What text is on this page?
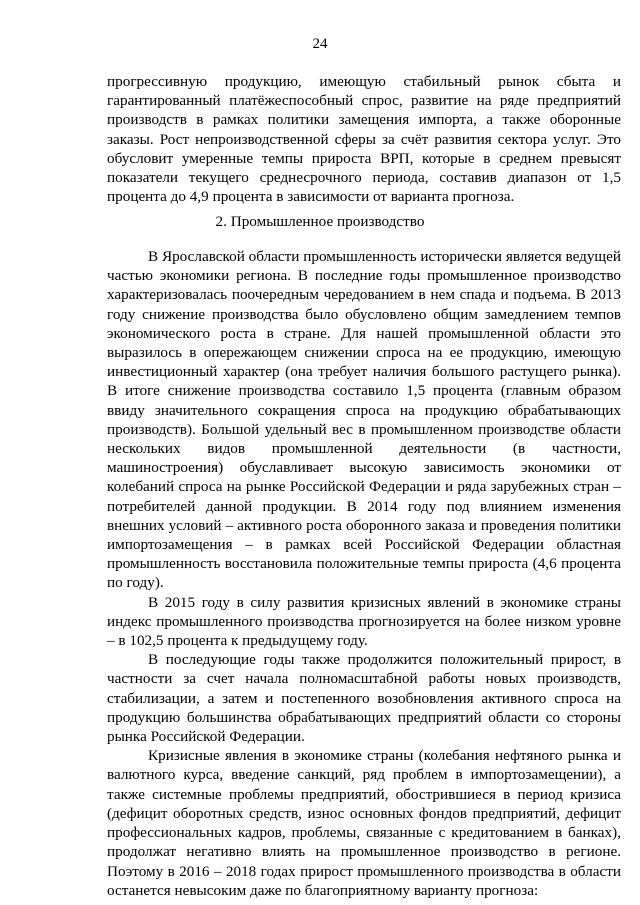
24

прогрессивную продукцию, имеющую стабильный рынок сбыта и гарантированный платёжеспособный спрос, развитие на ряде предприятий производств в рамках политики замещения импорта, а также оборонные заказы. Рост непроизводственной сферы за счёт развития сектора услуг. Это обусловит умеренные темпы прироста ВРП, которые в среднем превысят показатели текущего среднесрочного периода, составив диапазон от 1,5 процента до 4,9 процента в зависимости от варианта прогноза.

2. Промышленное производство

В Ярославской области промышленность исторически является ведущей частью экономики региона. В последние годы промышленное производство характеризовалась поочередным чередованием в нем спада и подъема. В 2013 году снижение производства было обусловлено общим замедлением темпов экономического роста в стране. Для нашей промышленной области это выразилось в опережающем снижении спроса на ее продукцию, имеющую инвестиционный характер (она требует наличия большого растущего рынка). В итоге снижение производства составило 1,5 процента (главным образом ввиду значительного сокращения спроса на продукцию обрабатывающих производств). Большой удельный вес в промышленном производстве области нескольких видов промышленной деятельности (в частности, машиностроения) обуславливает высокую зависимость экономики от колебаний спроса на рынке Российской Федерации и ряда зарубежных стран – потребителей данной продукции. В 2014 году под влиянием изменения внешних условий – активного роста оборонного заказа и проведения политики импортозамещения – в рамках всей Российской Федерации областная промышленность восстановила положительные темпы прироста (4,6 процента по году).

В 2015 году в силу развития кризисных явлений в экономике страны индекс промышленного производства прогнозируется на более низком уровне – в 102,5 процента к предыдущему году.

В последующие годы также продолжится положительный прирост, в частности за счет начала полномасштабной работы новых производств, стабилизации, а затем и постепенного возобновления активного спроса на продукцию большинства обрабатывающих предприятий области со стороны рынка Российской Федерации.

Кризисные явления в экономике страны (колебания нефтяного рынка и валютного курса, введение санкций, ряд проблем в импортозамещении), а также системные проблемы предприятий, обострившиеся в период кризиса (дефицит оборотных средств, износ основных фондов предприятий, дефицит профессиональных кадров, проблемы, связанные с кредитованием в банках), продолжат негативно влиять на промышленное производство в регионе. Поэтому в 2016 – 2018 годах прирост промышленного производства в области останется невысоким даже по благоприятному варианту прогноза:
